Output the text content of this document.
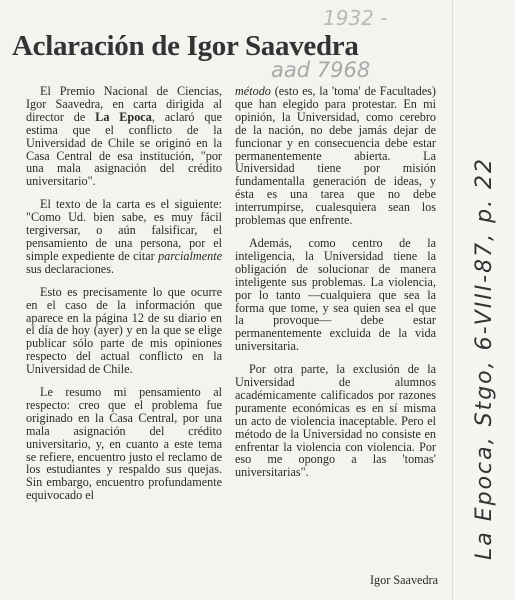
1932 -
aad 7968
La Epoca, Stgo, 6-VIII-87, p. 22
Aclaración de Igor Saavedra

El Premio Nacional de Ciencias, Igor Saavedra, en carta dirigida al director de La Epoca, aclaró que estima que el conflicto de la Universidad de Chile se originó en la Casa Central de esa institución, "por una mala asignación del crédito universitario".

El texto de la carta es el siguiente: "Como Ud. bien sabe, es muy fácil tergiversar, o aún falsificar, el pensamiento de una persona, por el simple expediente de citar parcialmente sus declaraciones.

Esto es precisamente lo que ocurre en el caso de la información que aparece en la página 12 de su diario en el día de hoy (ayer) y en la que se elige publicar sólo parte de mis opiniones respecto del actual conflicto en la Universidad de Chile.

Le resumo mi pensamiento al respecto: creo que el problema fue originado en la Casa Central, por una mala asignación del crédito universitario, y, en cuanto a este tema se refiere, encuentro justo el reclamo de los estudiantes y respaldo sus quejas. Sin embargo, encuentro profundamente equivocado el

método (esto es, la 'toma' de Facultades) que han elegido para protestar. En mi opinión, la Universidad, como cerebro de la nación, no debe jamás dejar de funcionar y en consecuencia debe estar permanentemente abierta. La Universidad tiene por misión fundamentalla generación de ideas, y ésta es una tarea que no debe interrumpirse, cualesquiera sean los problemas que enfrente.

Además, como centro de la inteligencia, la Universidad tiene la obligación de solucionar de manera inteligente sus problemas. La violencia, por lo tanto —cualquiera que sea la forma que tome, y sea quien sea el que la provoque— debe estar permanentemente excluida de la vida universitaria.

Por otra parte, la exclusión de la Universidad de alumnos académicamente calificados por razones puramente económicas es en sí misma un acto de violencia inaceptable. Pero el método de la Universidad no consiste en enfrentar la violencia con violencia. Por eso me opongo a las 'tomas' universitarias".

Igor Saavedra
